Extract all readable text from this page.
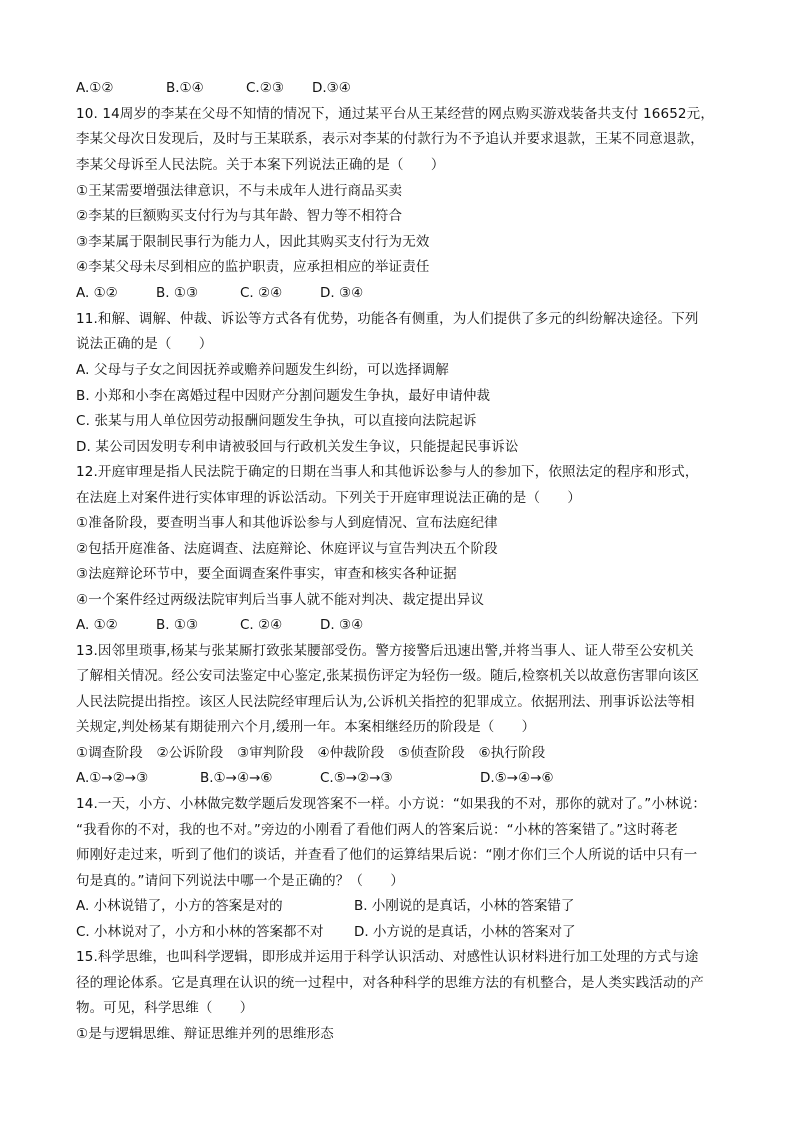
A.①②	B.①④	C.②③ D.③④
10. 14周岁的李某在父母不知情的情况下，通过某平台从王某经营的网点购买游戏装备共支付 16652元，
李某父母次日发现后，及时与王某联系，表示对李某的付款行为不予追认并要求退款，王某不同意退款，
李某父母诉至人民法院。关于本案下列说法正确的是（　　）
①王某需要增强法律意识，不与未成年人进行商品买卖
②李某的巨额购买支付行为与其年龄、智力等不相符合
③李某属于限制民事行为能力人，因此其购买支付行为无效
④李某父母未尽到相应的监护职责，应承担相应的举证责任
A. ①②	B. ①③	C. ②④	D. ③④
11.和解、调解、仲裁、诉讼等方式各有优势，功能各有侧重，为人们提供了多元的纠纷解决途径。下列
说法正确的是（　　）
A. 父母与子女之间因抚养或赡养问题发生纠纷，可以选择调解
B. 小郑和小李在离婚过程中因财产分割问题发生争执，最好申请仲裁
C. 张某与用人单位因劳动报酬问题发生争执，可以直接向法院起诉
D. 某公司因发明专利申请被驳回与行政机关发生争议，只能提起民事诉讼
12.开庭审理是指人民法院于确定的日期在当事人和其他诉讼参与人的参加下，依照法定的程序和形式，
在法庭上对案件进行实体审理的诉讼活动。下列关于开庭审理说法正确的是（　　）
①准备阶段，要查明当事人和其他诉讼参与人到庭情况、宣布法庭纪律
②包括开庭准备、法庭调查、法庭辩论、休庭评议与宣告判决五个阶段
③法庭辩论环节中，要全面调查案件事实，审查和核实各种证据
④一个案件经过两级法院审判后当事人就不能对判决、裁定提出异议
A. ①②	B. ①③	C. ②④	D. ③④
13.因邻里琐事,杨某与张某厮打致张某腰部受伤。警方接警后迅速出警,并将当事人、证人带至公安机关
了解相关情况。经公安司法鉴定中心鉴定,张某损伤评定为轻伤一级。随后,检察机关以故意伤害罪向该区
人民法院提出指控。该区人民法院经审理后认为,公诉机关指控的犯罪成立。依据刑法、刑事诉讼法等相
关规定,判处杨某有期徒刑六个月,缓刑一年。本案相继经历的阶段是（　　）
①调查阶段　②公诉阶段　③审判阶段　④仲裁阶段　⑤侦查阶段　⑥执行阶段
A.①→②→③	B.①→④→⑥	C.⑤→②→③	D.⑤→④→⑥
14.一天，小方、小林做完数学题后发现答案不一样。小方说：“如果我的不对，那你的就对了。”小林说：
“我看你的不对，我的也不对。”旁边的小刚看了看他们两人的答案后说：“小林的答案错了。”这时蒋老
师刚好走过来，听到了他们的谈话，并查看了他们的运算结果后说：“刚才你们三个人所说的话中只有一
句是真的。”请问下列说法中哪一个是正确的？（　　）
A. 小林说错了，小方的答案是对的	B. 小刚说的是真话，小林的答案错了
C. 小林说对了，小方和小林的答案都不对 D. 小方说的是真话，小林的答案对了
15.科学思维，也叫科学逻辑，即形成并运用于科学认识活动、对感性认识材料进行加工处理的方式与途
径的理论体系。它是真理在认识的统一过程中，对各种科学的思维方法的有机整合，是人类实践活动的产
物。可见，科学思维（　　）
①是与逻辑思维、辩证思维并列的思维形态
